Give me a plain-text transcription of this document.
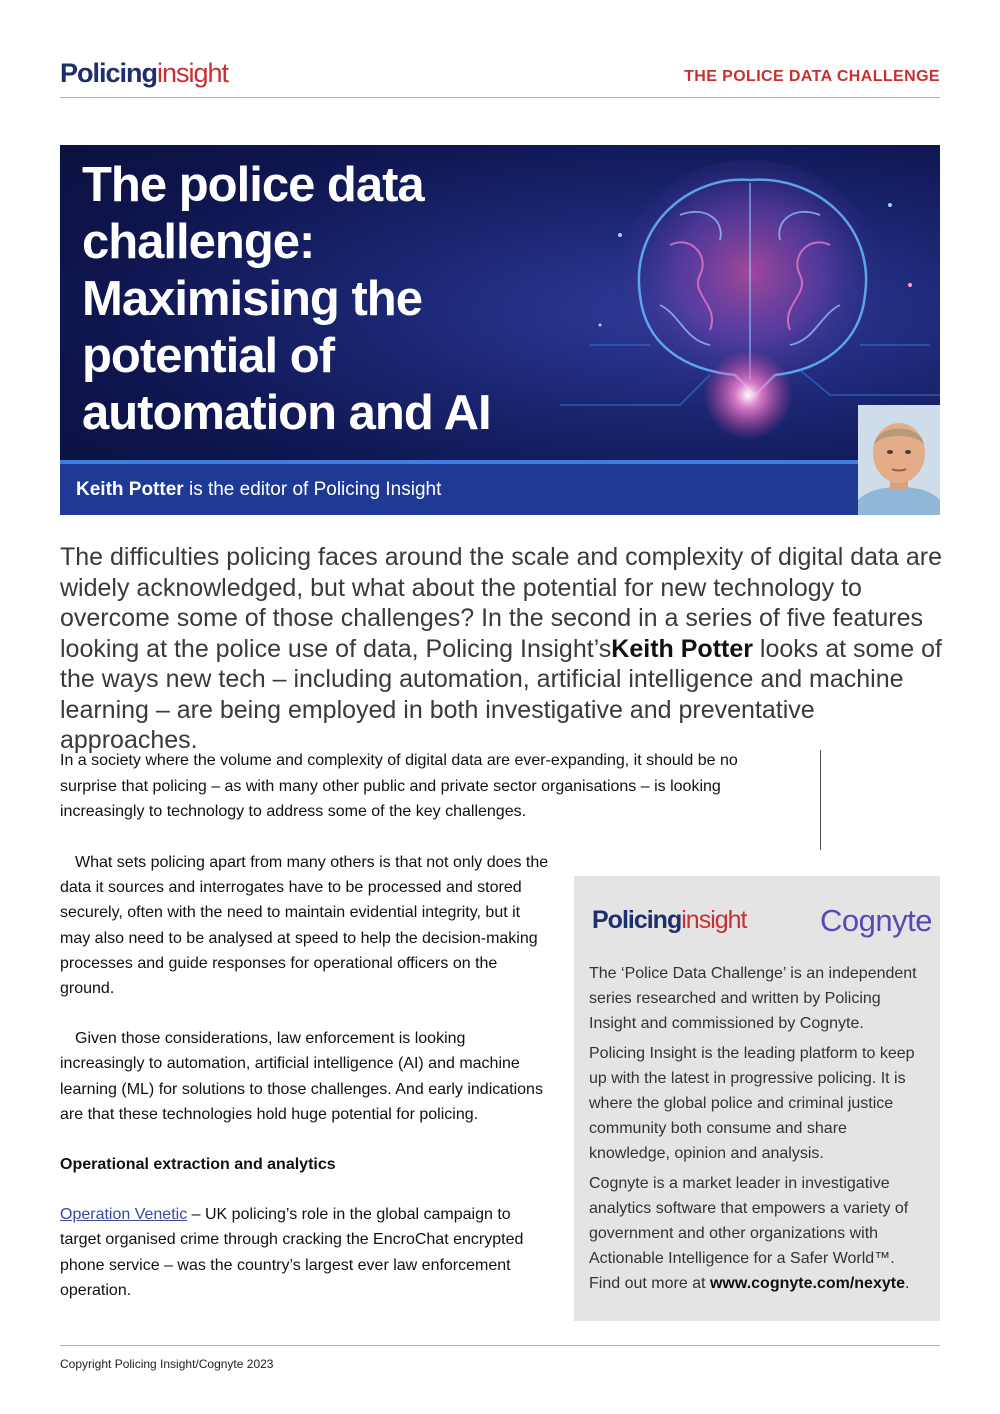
Policinginsight	THE POLICE DATA CHALLENGE
The police data challenge: Maximising the potential of automation and AI
Keith Potter is the editor of Policing Insight
The difficulties policing faces around the scale and complexity of digital data are widely acknowledged, but what about the potential for new technology to overcome some of those challenges? In the second in a series of five features looking at the police use of data, Policing Insight’sKeith Potter looks at some of the ways new tech – including automation, artificial intelligence and machine learning – are being employed in both investigative and preventative approaches.
In a society where the volume and complexity of digital data are ever-expanding, it should be no surprise that policing – as with many other public and private sector organisations – is looking increasingly to technology to address some of the key challenges.

What sets policing apart from many others is that not only does the data it sources and interrogates have to be processed and stored securely, often with the need to maintain evidential integrity, but it may also need to be analysed at speed to help the decision-making processes and guide responses for operational officers on the ground.

Given those considerations, law enforcement is looking increasingly to automation, artificial intelligence (AI) and machine learning (ML) for solutions to those challenges. And early indications are that these technologies hold huge potential for policing.

Operational extraction and analytics

Operation Venetic – UK policing’s role in the global campaign to target organised crime through cracking the EncroChat encrypted phone service – was the country’s largest ever law enforcement operation.

Policinginsight Cognyte

The ‘Police Data Challenge’ is an independent series researched and written by Policing Insight and commissioned by Cognyte.

Policing Insight is the leading platform to keep up with the latest in progressive policing. It is where the global police and criminal justice community both consume and share knowledge, opinion and analysis.

Cognyte is a market leader in investigative analytics software that empowers a variety of government and other organizations with Actionable Intelligence for a Safer World™. Find out more at www.cognyte.com/nexyte.

Copyright Policing Insight/Cognyte 2023
